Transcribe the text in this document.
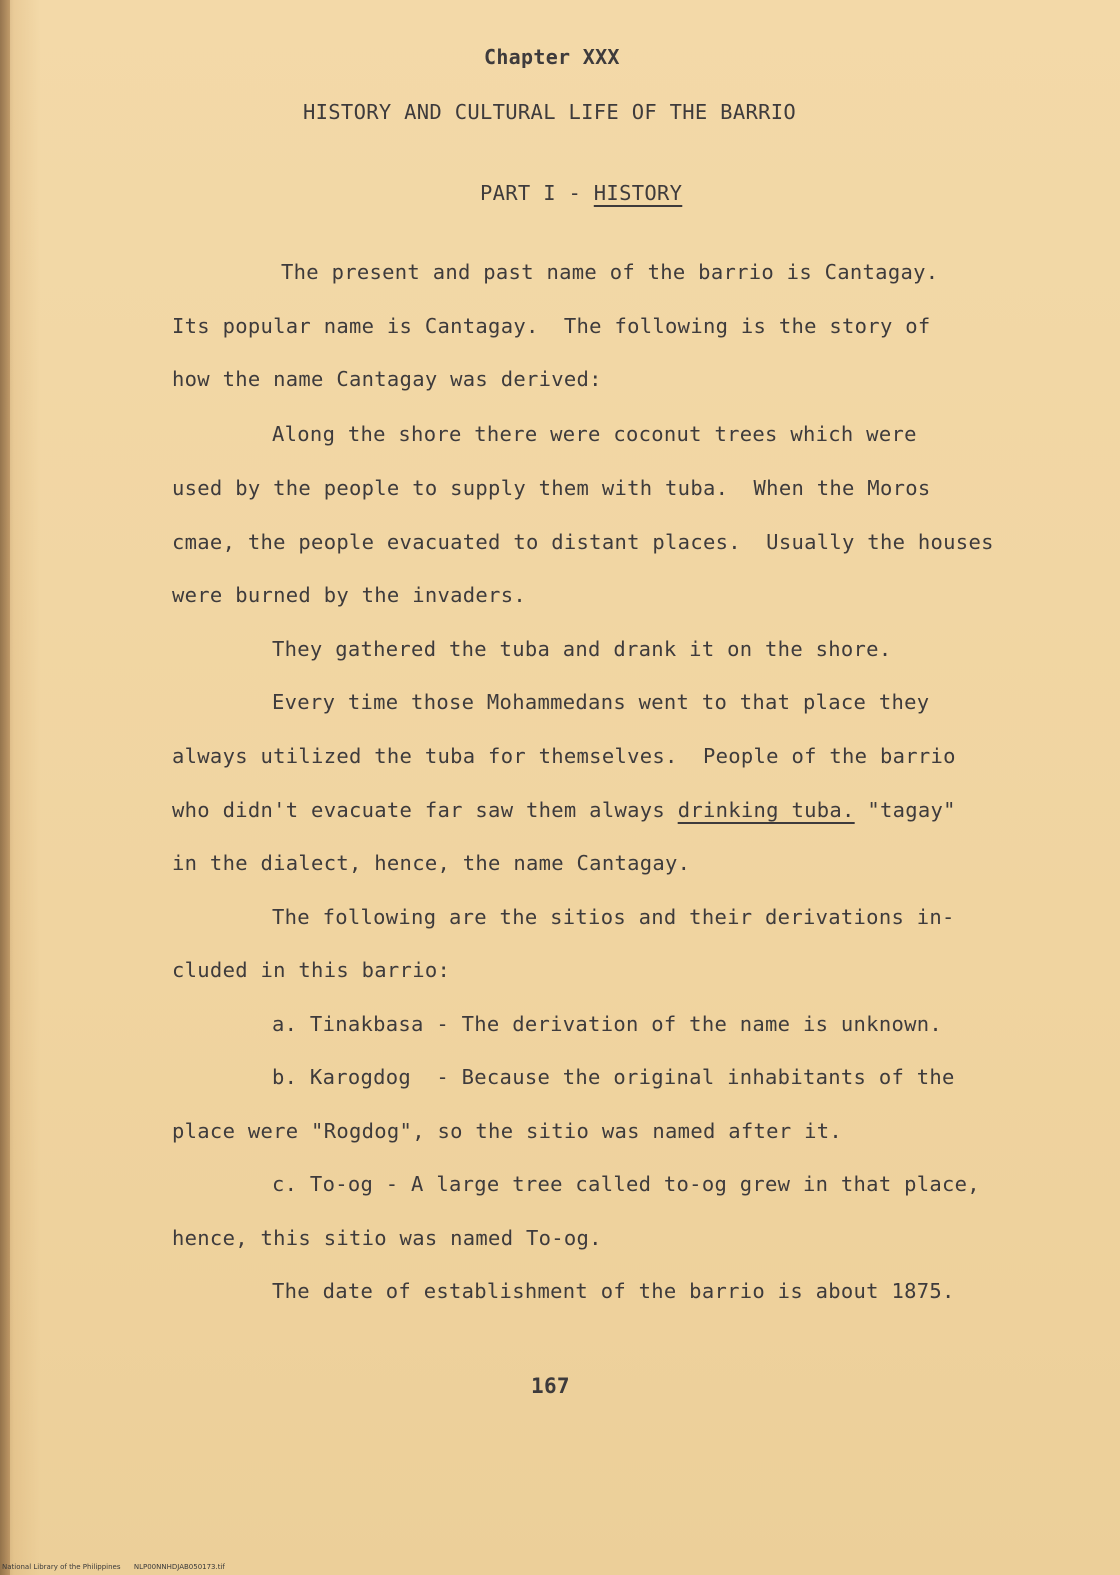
Chapter XXX
HISTORY AND CULTURAL LIFE OF THE BARRIO
PART I - HISTORY
The present and past name of the barrio is Cantagay.
Its popular name is Cantagay.  The following is the story of
how the name Cantagay was derived:
Along the shore there were coconut trees which were
used by the people to supply them with tuba.  When the Moros
cmae, the people evacuated to distant places.  Usually the houses
were burned by the invaders.
They gathered the tuba and drank it on the shore.
Every time those Mohammedans went to that place they
always utilized the tuba for themselves.  People of the barrio
who didn't evacuate far saw them always drinking tuba. "tagay"
in the dialect, hence, the name Cantagay.
The following are the sitios and their derivations in-
cluded in this barrio:
a. Tinakbasa - The derivation of the name is unknown.
b. Karogdog  - Because the original inhabitants of the
place were "Rogdog", so the sitio was named after it.
c. To-og - A large tree called to-og grew in that place,
hence, this sitio was named To-og.
The date of establishment of the barrio is about 1875.
167
National Library of the Philippines NLP00NNHDJAB050173.tif
